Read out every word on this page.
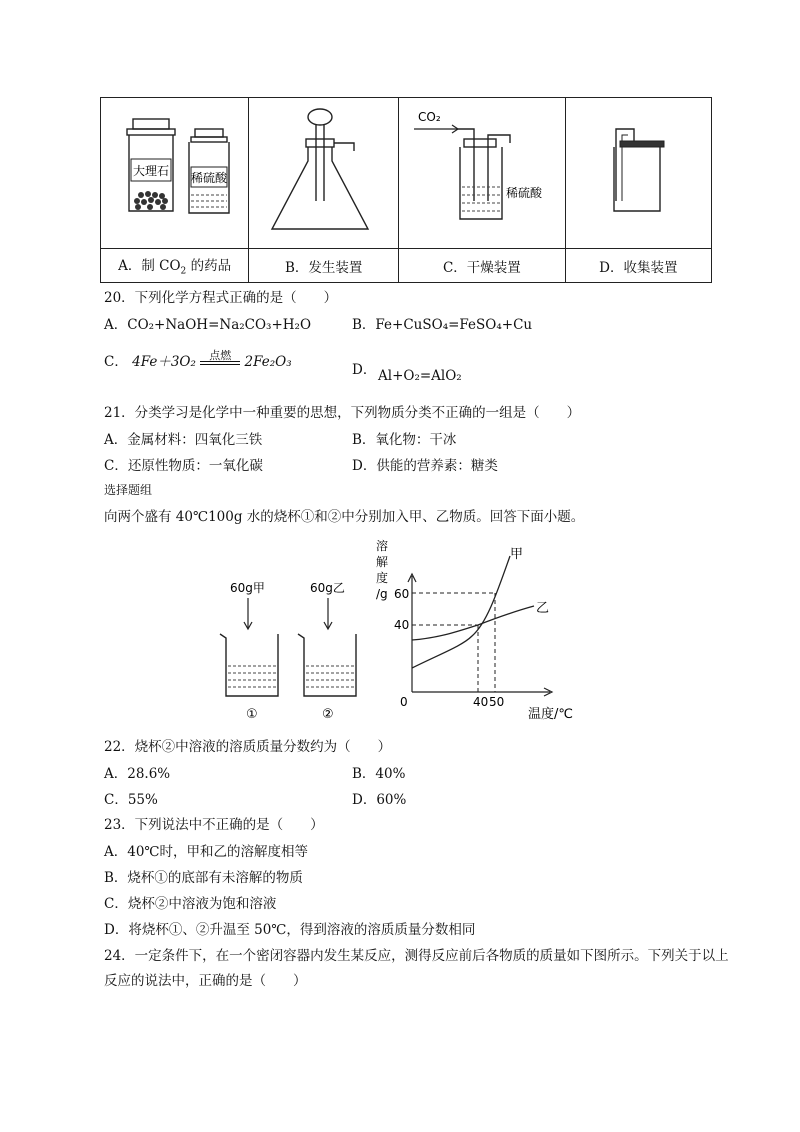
大理石 稀硫酸		CO₂
稀硫酸

A．制 $CO_2$ 的药品	B．发生装置	C．干燥装置	D．收集装置
20．下列化学方程式正确的是（　　）
A．CO₂+NaOH=Na₂CO₃+H₂O	B．Fe+CuSO₄=FeSO₄+Cu
C． 4Fe＋3O₂	点燃 2Fe₂O₃	D． Al+O₂=AlO₂
21．分类学习是化学中一种重要的思想，下列物质分类不正确的一组是（　　）
A．金属材料：四氧化三铁	B．氧化物：干冰
C．还原性物质：一氧化碳	D．供能的营养素：糖类
选择题组
向两个盛有 40℃100g 水的烧杯①和②中分别加入甲、乙物质。回答下面小题。
60g甲
①
60g乙
②
溶
解
度
/g 60
40
0	40 50
温度/℃
甲
乙
22．烧杯②中溶液的溶质质量分数约为（　　）
A．28.6%	B．40%
C．55%	D．60%
23．下列说法中不正确的是（　　）
A．40℃时，甲和乙的溶解度相等
B．烧杯①的底部有未溶解的物质
C．烧杯②中溶液为饱和溶液
D．将烧杯①、②升温至 50℃，得到溶液的溶质质量分数相同
24．一定条件下，在一个密闭容器内发生某反应，测得反应前后各物质的质量如下图所示。下列关于以上
反应的说法中，正确的是（　　）
